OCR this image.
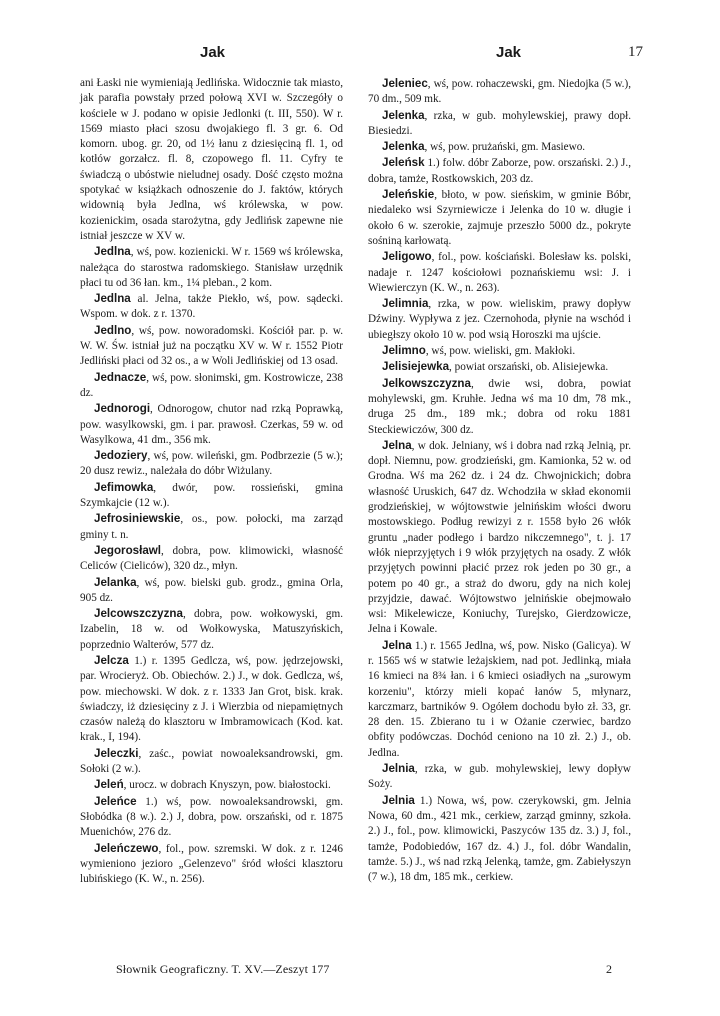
Jak	Jak	17

ani Łaski nie wymieniają Jedlińska. Widocznie tak miasto, jak parafia powstały przed połową XVI w. Szczegóły o kościele w J. podano w opisie Jedlonki (t. III, 550). W r. 1569 miasto płaci szosu dwojakiego fl. 3 gr. 6. Od komorn. ubog. gr. 20, od 1½ łanu z dziesięciną fl. 1, od kotłów gorzałcz. fl. 8, czopowego fl. 11. Cyfry te świadczą o ubóstwie nieludnej osady. Dość często można spotykać w książkach odnoszenie do J. faktów, których widownią była Jedlna, wś królewska, w pow. kozienickim, osada starożytna, gdy Jedlińsk zapewne nie istniał jeszcze w XV w.

Jedlna, wś, pow. kozienicki. W r. 1569 wś królewska, należąca do starostwa radomskiego. Stanisław urzędnik płaci tu od 36 łan. km., 1¼ pleban., 2 kom.

Jedlna al. Jelna, także Piekło, wś, pow. sądecki. Wspom. w dok. z r. 1370.

Jedlno, wś, pow. noworadomski. Kościół par. p. w. W. W. Św. istniał już na początku XV w. W r. 1552 Piotr Jedliński płaci od 32 os., a w Woli Jedlińskiej od 13 osad.

Jednacze, wś, pow. słonimski, gm. Kostrowicze, 238 dz.

Jednorogi, Odnorogow, chutor nad rzką Poprawką, pow. wasylkowski, gm. i par. prawosł. Czerkas, 59 w. od Wasylkowa, 41 dm., 356 mk.

Jedoziery, wś, pow. wileński, gm. Podbrzezie (5 w.); 20 dusz rewiz., należała do dóbr Wiżulany.

Jefimowka, dwór, pow. rossieński, gmina Szymkajcie (12 w.).

Jefrosiniewskie, os., pow. połocki, ma zarząd gminy t. n.

Jegorosławl, dobra, pow. klimowicki, własność Celiców (Cieliców), 320 dz., młyn.

Jelanka, wś, pow. bielski gub. grodz., gmina Orla, 905 dz.

Jelcowszczyzna, dobra, pow. wołkowyski, gm. Izabelin, 18 w. od Wołkowyska, Matuszyńskich, poprzednio Walterów, 577 dz.

Jelcza 1.) r. 1395 Gedlcza, wś, pow. jędrzejowski, par. Wrocieryż. Ob. Obiechów. 2.) J., w dok. Gedlcza, wś, pow. miechowski. W dok. z r. 1333 Jan Grot, bisk. krak. świadczy, iż dziesięciny z J. i Wierzbia od niepamiętnych czasów należą do klasztoru w Imbramowicach (Kod. kat. krak., I, 194).

Jeleczki, zaśc., powiat nowoaleksandrowski, gm. Sołoki (2 w.).

Jeleń, urocz. w dobrach Knyszyn, pow. białostocki.

Jeleńce 1.) wś, pow. nowoaleksandrowski, gm. Słobódka (8 w.). 2.) J, dobra, pow. orszański, od r. 1875 Muenichów, 276 dz.

Jeleńczewo, fol., pow. szremski. W dok. z r. 1246 wymieniono jezioro „Gelenzevo" śród włości klasztoru lubińskiego (K. W., n. 256).

Jeleniec, wś, pow. rohaczewski, gm. Niedojka (5 w.), 70 dm., 509 mk.

Jelenka, rzka, w gub. mohylewskiej, prawy dopł. Biesiedzi.

Jelenka, wś, pow. prużański, gm. Masiewo.

Jeleńsk 1.) folw. dóbr Zaborze, pow. orszański. 2.) J., dobra, tamże, Rostkowskich, 203 dz.

Jeleńskie, błoto, w pow. sieńskim, w gminie Bóbr, niedaleko wsi Szyrniewicze i Jelenka do 10 w. długie i około 6 w. szerokie, zajmuje przeszło 5000 dz., pokryte sośniną karłowatą.

Jeligowo, fol., pow. kościański. Bolesław ks. polski, nadaje r. 1247 kościołowi poznańskiemu wsi: J. i Wiewierczyn (K. W., n. 263).

Jelimnia, rzka, w pow. wieliskim, prawy dopływ Dźwiny. Wypływa z jez. Czernohoda, płynie na wschód i ubiegłszy około 10 w. pod wsią Horoszki ma ujście.

Jelimno, wś, pow. wieliski, gm. Makłoki.

Jelisiejewka, powiat orszański, ob. Alisiejewka.

Jelkowszczyzna, dwie wsi, dobra, powiat mohylewski, gm. Kruhłe. Jedna wś ma 10 dm, 78 mk., druga 25 dm., 189 mk.; dobra od roku 1881 Steckiewiczów, 300 dz.

Jelna, w dok. Jelniany, wś i dobra nad rzką Jelnią, pr. dopł. Niemnu, pow. grodzieński, gm. Kamionka, 52 w. od Grodna. Wś ma 262 dz. i 24 dz. Chwojnickich; dobra własność Uruskich, 647 dz. Wchodziła w skład ekonomii grodzieńskiej, w wójtowstwie jelnińskim włości dworu mostowskiego. Podług rewizyi z r. 1558 było 26 włók gruntu „nader podłego i bardzo nikczemnego", t. j. 17 włók nieprzyjętych i 9 włók przyjętych na osady. Z włók przyjętych powinni płacić przez rok jeden po 30 gr., a potem po 40 gr., a straż do dworu, gdy na nich kolej przyjdzie, dawać. Wójtowstwo jelnińskie obejmowało wsi: Mikelewicze, Koniuchy, Turejsko, Gierdzowicze, Jelna i Kowale.

Jelna 1.) r. 1565 Jedlna, wś, pow. Nisko (Galicya). W r. 1565 wś w statwie leżajskiem, nad pot. Jedlinką, miała 16 kmieci na 8¾ łan. i 6 kmieci osiadłych na „surowym korzeniu", którzy mieli kopać łanów 5, młynarz, karczmarz, bartników 9. Ogółem dochodu było zł. 33, gr. 28 den. 15. Zbierano tu i w Ożanie czerwiec, bardzo obfity podówczas. Dochód ceniono na 10 zł. 2.) J., ob. Jedlna.

Jelnia, rzka, w gub. mohylewskiej, lewy dopływ Soży.

Jelnia 1.) Nowa, wś, pow. czerykowski, gm. Jelnia Nowa, 60 dm., 421 mk., cerkiew, zarząd gminny, szkoła. 2.) J., fol., pow. klimowicki, Paszyców 135 dz. 3.) J, fol., tamże, Podobiedów, 167 dz. 4.) J., fol. dóbr Wandalin, tamże. 5.) J., wś nad rzką Jelenką, tamże, gm. Zabiełyszyn (7 w.), 18 dm, 185 mk., cerkiew.

Słownik Geograficzny. T. XV.—Zeszyt 177	2
